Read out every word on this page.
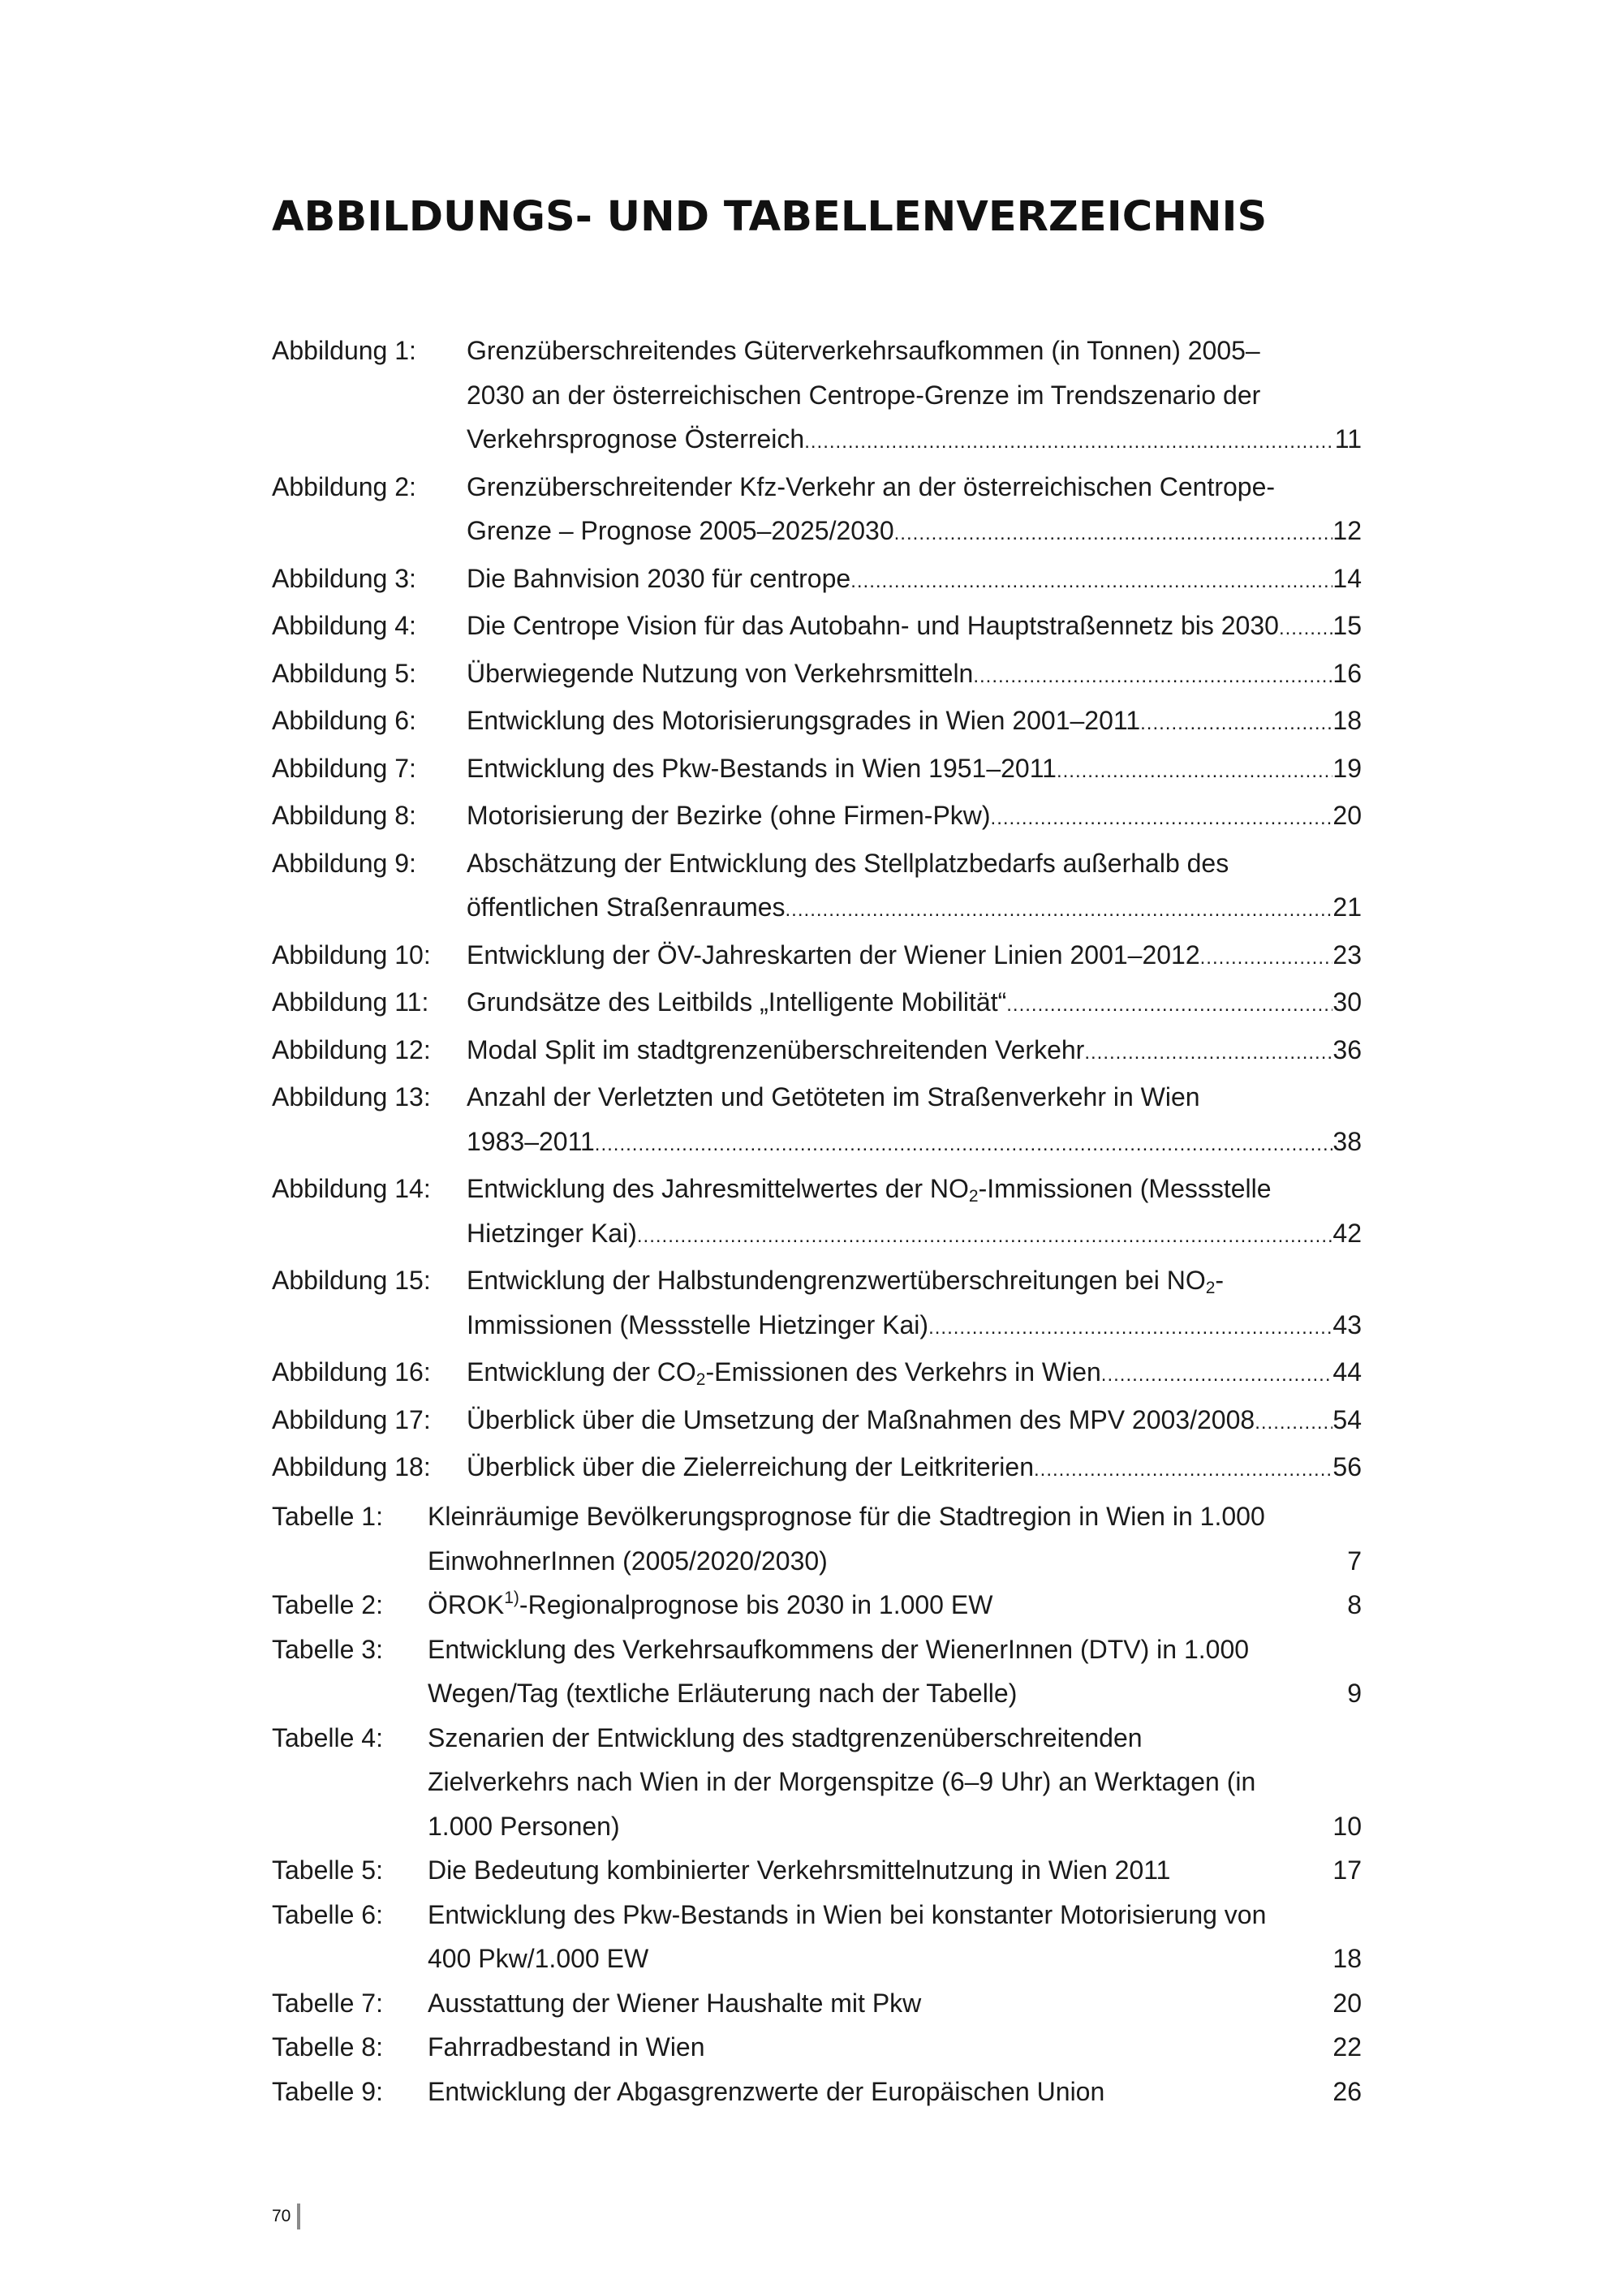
ABBILDUNGS- UND TABELLENVERZEICHNIS
Abbildung 1: Grenzüberschreitendes Güterverkehrsaufkommen (in Tonnen) 2005–
2030 an der österreichischen Centrope-Grenze im Trendszenario der
Verkehrsprognose Österreich .....	11
Abbildung 2: Grenzüberschreitender Kfz-Verkehr an der österreichischen Centrope-
Grenze – Prognose 2005–2025/2030 .....	12
Abbildung 3: Die Bahnvision 2030 für centrope .....	14
Abbildung 4: Die Centrope Vision für das Autobahn- und Hauptstraßennetz bis 2030 ..... 15
Abbildung 5: Überwiegende Nutzung von Verkehrsmitteln .....	16
Abbildung 6: Entwicklung des Motorisierungsgrades in Wien 2001–2011 .....	18
Abbildung 7: Entwicklung des Pkw-Bestands in Wien 1951–2011 .....	19
Abbildung 8: Motorisierung der Bezirke (ohne Firmen-Pkw) .....	20
Abbildung 9: Abschätzung der Entwicklung des Stellplatzbedarfs außerhalb des
öffentlichen Straßenraumes .....	21
Abbildung 10: Entwicklung der ÖV-Jahreskarten der Wiener Linien 2001–2012 .....	23
Abbildung 11: Grundsätze des Leitbilds „Intelligente Mobilität“ .....	30
Abbildung 12: Modal Split im stadtgrenzenüberschreitenden Verkehr .....	36
Abbildung 13: Anzahl der Verletzten und Getöteten im Straßenverkehr in Wien
1983–2011 .....	38
Abbildung 14: Entwicklung des Jahresmittelwertes der $NO_2$-Immissionen (Messstelle
Hietzinger Kai) .....	42
Abbildung 15: Entwicklung der Halbstundengrenzwertüberschreitungen bei $NO_2-$
Immissionen (Messstelle Hietzinger Kai) .....	43
Abbildung 16: Entwicklung der $CO_2$-Emissionen des Verkehrs in Wien .....	44
Abbildung 17: Überblick über die Umsetzung der Maßnahmen des MPV 2003/2008 .....	54
Abbildung 18: Überblick über die Zielerreichung der Leitkriterien .....	56
Tabelle 1: Kleinräumige Bevölkerungsprognose für die Stadtregion in Wien in 1.000
EinwohnerInnen (2005/2020/2030)	7
Tabelle 2: ÖROK$^{1)}$-Regionalprognose bis 2030 in 1.000 EW	8
Tabelle 3: Entwicklung des Verkehrsaufkommens der WienerInnen (DTV) in 1.000
Wegen/Tag (textliche Erläuterung nach der Tabelle)	9
Tabelle 4: Szenarien der Entwicklung des stadtgrenzenüberschreitenden
Zielverkehrs nach Wien in der Morgenspitze (6–9 Uhr) an Werktagen (in
1.000 Personen)	10
Tabelle 5: Die Bedeutung kombinierter Verkehrsmittelnutzung in Wien 2011	17
Tabelle 6: Entwicklung des Pkw-Bestands in Wien bei konstanter Motorisierung von
400 Pkw/1.000 EW	18
Tabelle 7: Ausstattung der Wiener Haushalte mit Pkw	20
Tabelle 8: Fahrradbestand in Wien	22
Tabelle 9: Entwicklung der Abgasgrenzwerte der Europäischen Union	26
70
